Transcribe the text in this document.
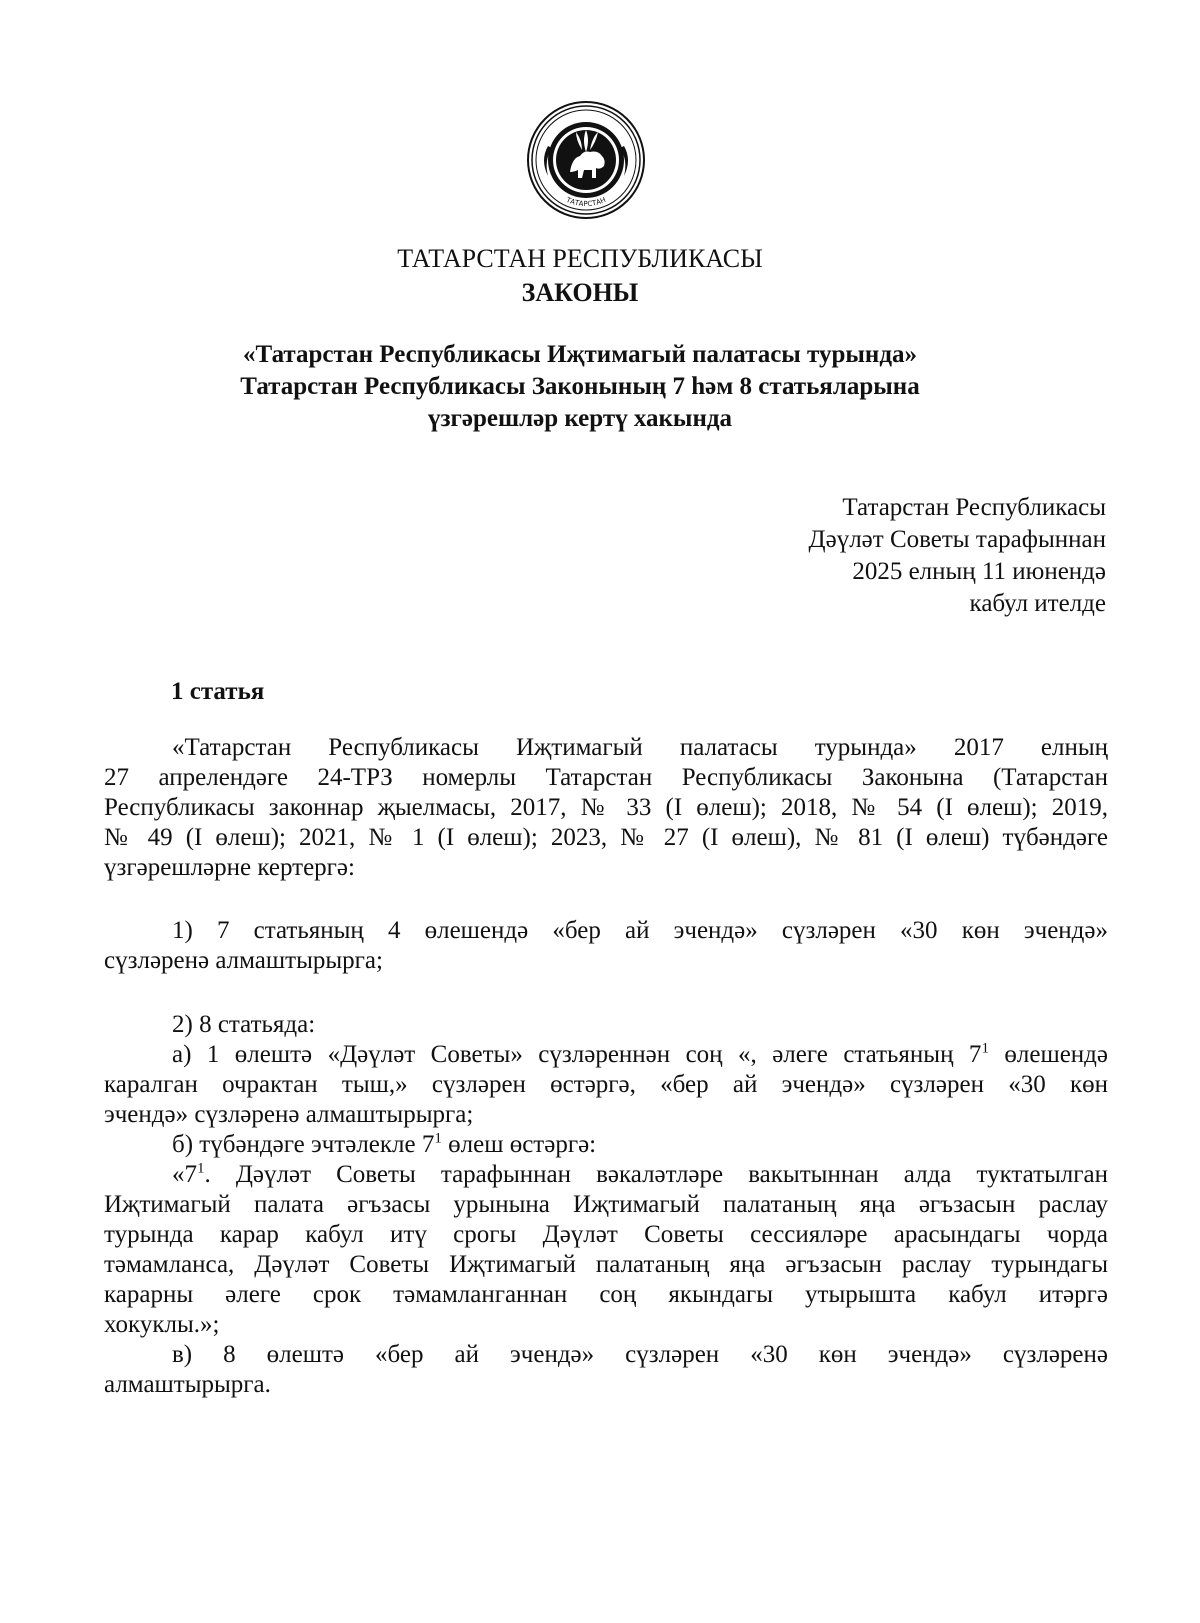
ТАТАРСТАН
ТАТАРСТАН РЕСПУБЛИКАСЫ
ЗАКОНЫ
«Татарстан Республикасы Иҗтимагый палатасы турында»
Татарстан Республикасы Законының 7 һәм 8 статьяларына
үзгәрешләр кертү хакында
Татарстан Республикасы
Дәүләт Советы тарафыннан
2025 елның 11 июнендә
кабул ителде
1 статья
«Татарстан Республикасы Иҗтимагый палатасы турында» 2017 елның
27 апрелендәге 24-ТРЗ номерлы Татарстан Республикасы Законына (Татарстан
Республикасы законнар җыелмасы, 2017, № 33 (I өлеш); 2018, № 54 (I өлеш); 2019,
№ 49 (I өлеш); 2021, № 1 (I өлеш); 2023, № 27 (I өлеш), № 81 (I өлеш) түбәндәге
үзгәрешләрне кертергә:
1) 7 статьяның 4 өлешендә «бер ай эчендә» сүзләрен «30 көн эчендә»
сүзләренә алмаштырырга;
2) 8 статьяда:
а) 1 өлештә «Дәүләт Советы» сүзләреннән соң «, әлеге статьяның $7^1$ өлешендә
каралган очрактан тыш,» сүзләрен өстәргә, «бер ай эчендә» сүзләрен «30 көн
эчендә» сүзләренә алмаштырырга;
б) түбәндәге эчтәлекле $7^1$ өлеш өстәргә:
«$7^1$. Дәүләт Советы тарафыннан вәкаләтләре вакытыннан алда туктатылган
Иҗтимагый палата әгъзасы урынына Иҗтимагый палатаның яңа әгъзасын раслау
турында карар кабул итү срогы Дәүләт Советы сессияләре арасындагы чорда
тәмамланса, Дәүләт Советы Иҗтимагый палатаның яңа әгъзасын раслау турындагы
карарны әлеге срок тәмамланганнан соң якындагы утырышта кабул итәргә
хокуклы.»;
в) 8 өлештә «бер ай эчендә» сүзләрен «30 көн эчендә» сүзләренә
алмаштырырга.
